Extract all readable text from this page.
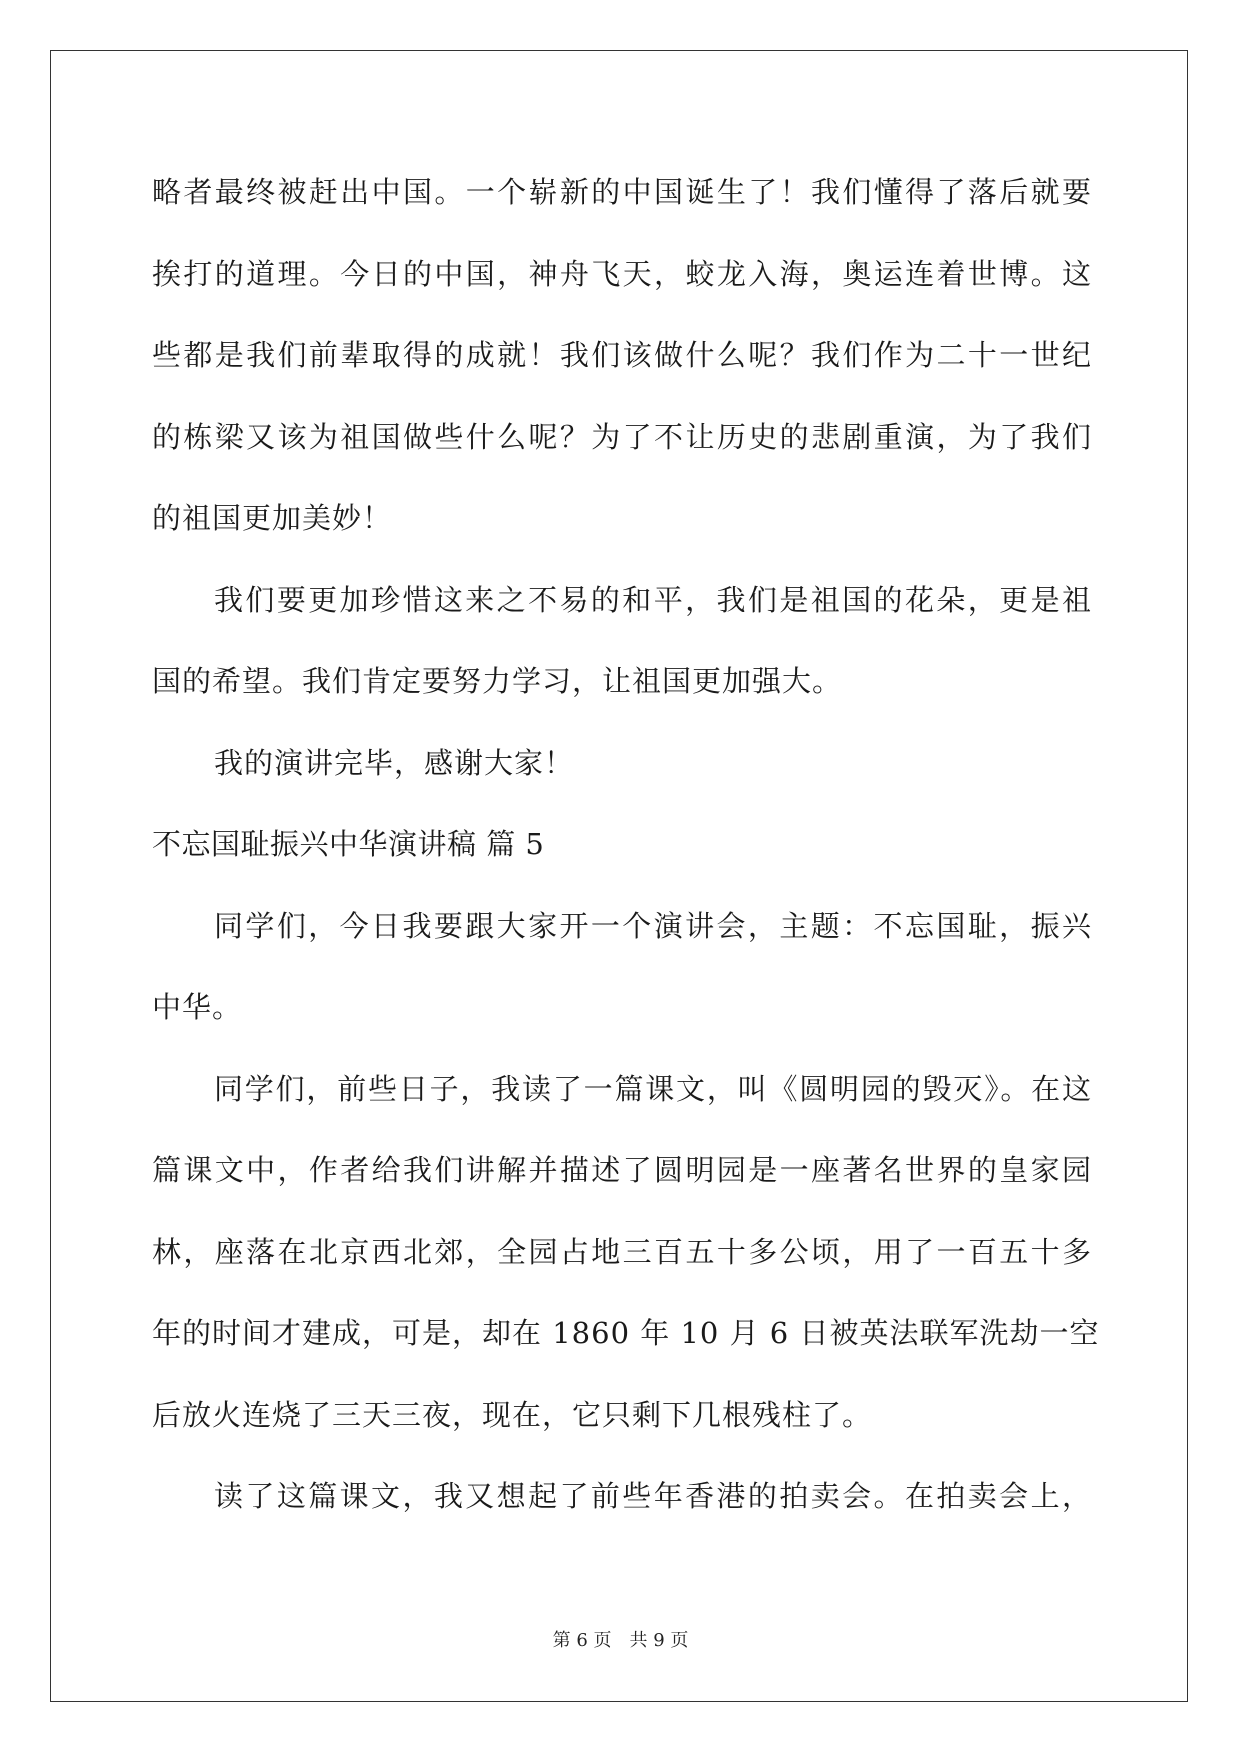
略者最终被赶出中国。一个崭新的中国诞生了！我们懂得了落后就要
挨打的道理。今日的中国，神舟飞天，蛟龙入海，奥运连着世博。这
些都是我们前辈取得的成就！我们该做什么呢？我们作为二十一世纪
的栋梁又该为祖国做些什么呢？为了不让历史的悲剧重演，为了我们
的祖国更加美妙！
我们要更加珍惜这来之不易的和平，我们是祖国的花朵，更是祖
国的希望。我们肯定要努力学习，让祖国更加强大。
我的演讲完毕，感谢大家！
不忘国耻振兴中华演讲稿 篇 5
同学们，今日我要跟大家开一个演讲会，主题：不忘国耻，振兴
中华。
同学们，前些日子，我读了一篇课文，叫《圆明园的毁灭》。在这
篇课文中，作者给我们讲解并描述了圆明园是一座著名世界的皇家园
林，座落在北京西北郊，全园占地三百五十多公顷，用了一百五十多
年的时间才建成，可是，却在 1860 年 10 月 6 日被英法联军洗劫一空
后放火连烧了三天三夜，现在，它只剩下几根残柱了。
读了这篇课文，我又想起了前些年香港的拍卖会。在拍卖会上，
第 6 页　共 9 页
